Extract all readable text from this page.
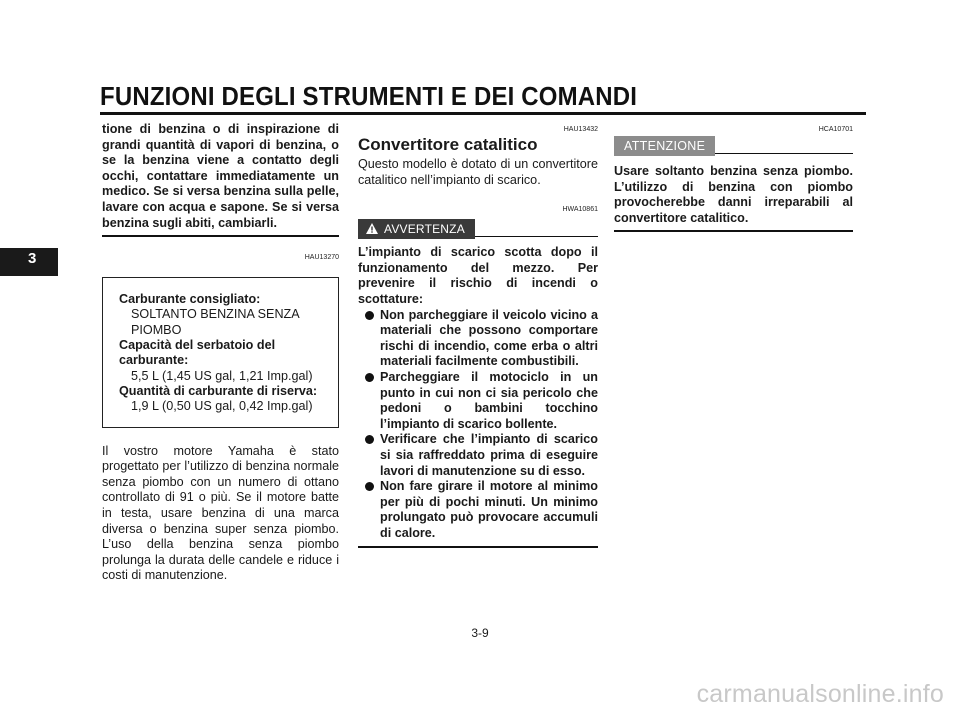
FUNZIONI DEGLI STRUMENTI E DEI COMANDI
3

tione di benzina o di inspirazione di grandi quantità di vapori di benzina, o se la benzina viene a contatto degli occhi, contattare immediatamente un medico. Se si versa benzina sulla pelle, lavare con acqua e sapone. Se si versa benzina sugli abiti, cambiarli.

HAU13270
Carburante consigliato:
SOLTANTO BENZINA SENZA
PIOMBO
Capacità del serbatoio del
carburante:
5,5 L (1,45 US gal, 1,21 Imp.gal)
Quantità di carburante di riserva:
1,9 L (0,50 US gal, 0,42 Imp.gal)

Il vostro motore Yamaha è stato progettato per l’utilizzo di benzina normale senza piombo con un numero di ottano controllato di 91 o più. Se il motore batte in testa, usare benzina di una marca diversa o benzina super senza piombo. L’uso della benzina senza piombo prolunga la durata delle candele e riduce i costi di manutenzione.

HAU13432
Convertitore catalitico

Questo modello è dotato di un convertitore catalitico nell’impianto di scarico.

HWA10861
AVVERTENZA

L’impianto di scarico scotta dopo il funzionamento del mezzo. Per prevenire il rischio di incendi o scottature:

Non parcheggiare il veicolo vicino a materiali che possono comportare rischi di incendio, come erba o altri materiali facilmente combustibili.
Parcheggiare il motociclo in un punto in cui non ci sia pericolo che pedoni o bambini tocchino l’impianto di scarico bollente.
Verificare che l’impianto di scarico si sia raffreddato prima di eseguire lavori di manutenzione su di esso.
Non fare girare il motore al minimo per più di pochi minuti. Un minimo prolungato può provocare accumuli di calore.
HCA10701
ATTENZIONE

Usare soltanto benzina senza piombo. L’utilizzo di benzina con piombo provocherebbe danni irreparabili al convertitore catalitico.

3-9
carmanualsonline.info
